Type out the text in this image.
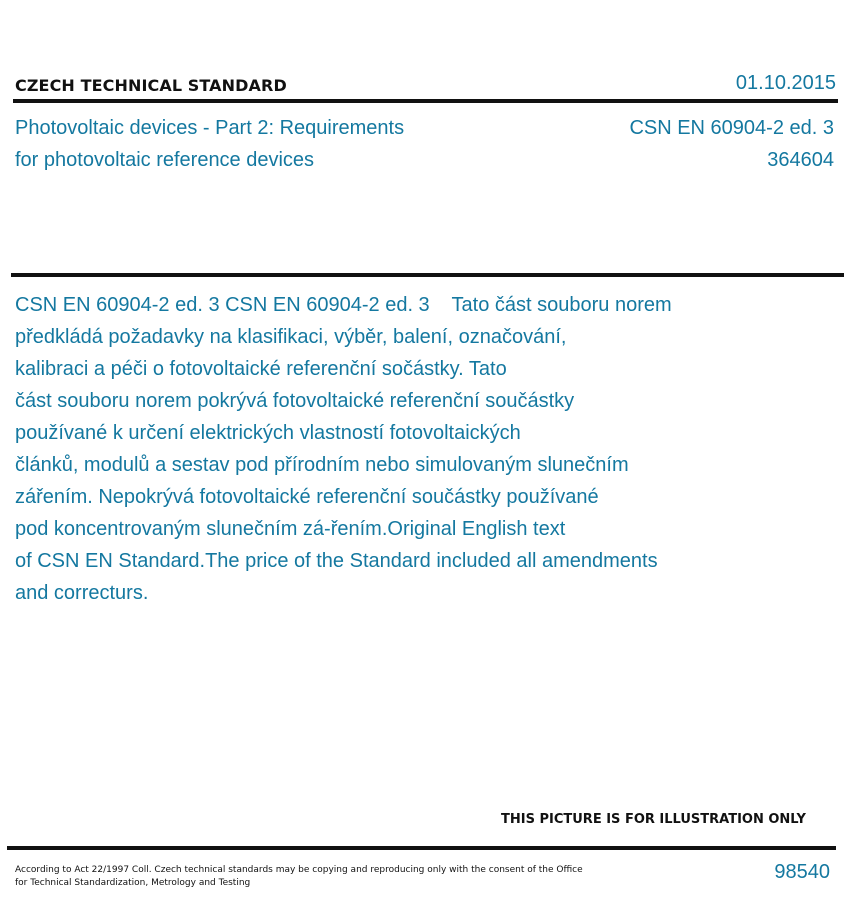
CZECH TECHNICAL STANDARD	01.10.2015
Photovoltaic devices - Part 2: Requirements
for photovoltaic reference devices
CSN EN 60904-2 ed. 3
364604
CSN EN 60904-2 ed. 3 CSN EN 60904-2 ed. 3    Tato část souboru norem
předkládá požadavky na klasifikaci, výběr, balení, označování,
kalibraci a péči o fotovoltaické referenční sočástky. Tato
část souboru norem pokrývá fotovoltaické referenční součástky
používané k určení elektrických vlastností fotovoltaických
článků, modulů a sestav pod přírodním nebo simulovaným slunečním
zářením. Nepokrývá fotovoltaické referenční součástky používané
pod koncentrovaným slunečním zá-řením.Original English text
of CSN EN Standard.The price of the Standard included all amendments
and correcturs.
THIS PICTURE IS FOR ILLUSTRATION ONLY
According to Act 22/1997 Coll. Czech technical standards may be copying and reproducing only with the consent of the Office
for Technical Standardization, Metrology and Testing	98540
